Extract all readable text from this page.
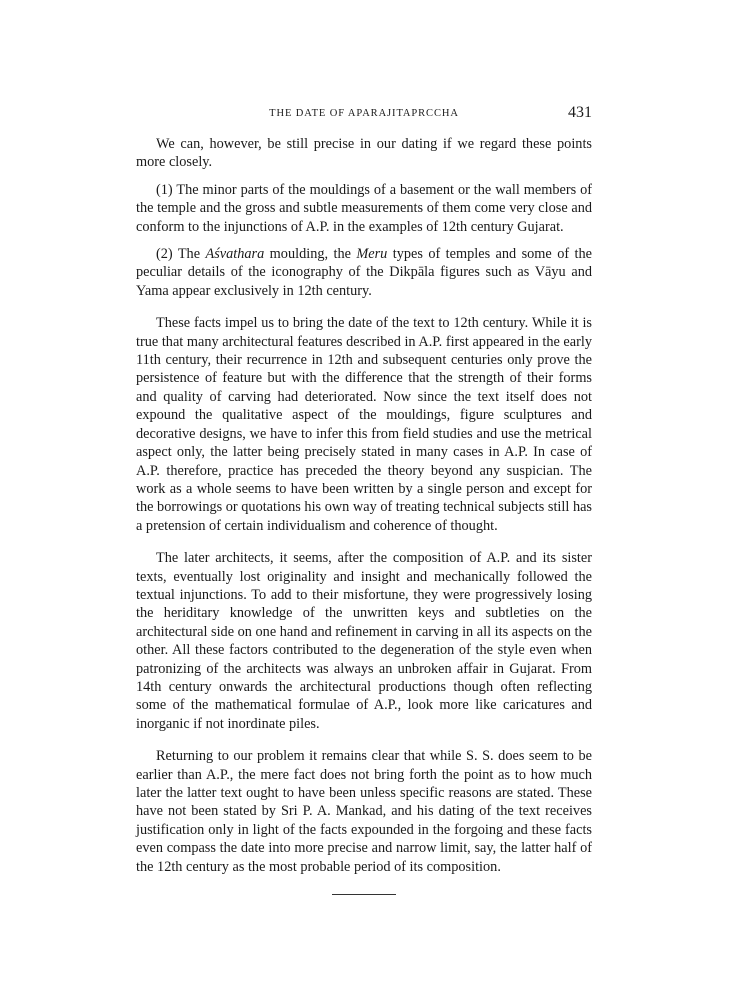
THE DATE OF APARAJITAPRCCHA	431

We can, however, be still precise in our dating if we regard these points more closely.

(1) The minor parts of the mouldings of a basement or the wall members of the temple and the gross and subtle measurements of them come very close and conform to the injunctions of A.P. in the examples of 12th century Gujarat.

(2) The Aśvathara moulding, the Meru types of temples and some of the peculiar details of the iconography of the Dikpāla figures such as Vāyu and Yama appear exclusively in 12th century.

These facts impel us to bring the date of the text to 12th century. While it is true that many architectural features described in A.P. first appeared in the early 11th century, their recurrence in 12th and subsequent centuries only prove the persistence of feature but with the difference that the strength of their forms and quality of carving had deteriorated. Now since the text itself does not expound the qualitative aspect of the mouldings, figure sculptures and decorative designs, we have to infer this from field studies and use the metrical aspect only, the latter being precisely stated in many cases in A.P. In case of A.P. therefore, practice has preceded the theory beyond any suspician. The work as a whole seems to have been written by a single person and except for the borrowings or quotations his own way of treating technical subjects still has a pretension of certain individualism and coherence of thought.

The later architects, it seems, after the composition of A.P. and its sister texts, eventually lost originality and insight and mechanically followed the textual injunctions. To add to their misfortune, they were progressively losing the heriditary knowledge of the unwritten keys and subtleties on the architectural side on one hand and refinement in carving in all its aspects on the other. All these factors contributed to the degeneration of the style even when patronizing of the architects was always an unbroken affair in Gujarat. From 14th century onwards the architectural productions though often reflecting some of the mathematical formulae of A.P., look more like caricatures and inorganic if not inordinate piles.

Returning to our problem it remains clear that while S. S. does seem to be earlier than A.P., the mere fact does not bring forth the point as to how much later the latter text ought to have been unless specific reasons are stated. These have not been stated by Sri P. A. Mankad, and his dating of the text receives justification only in light of the facts expounded in the forgoing and these facts even compass the date into more precise and narrow limit, say, the latter half of the 12th century as the most probable period of its composition.
